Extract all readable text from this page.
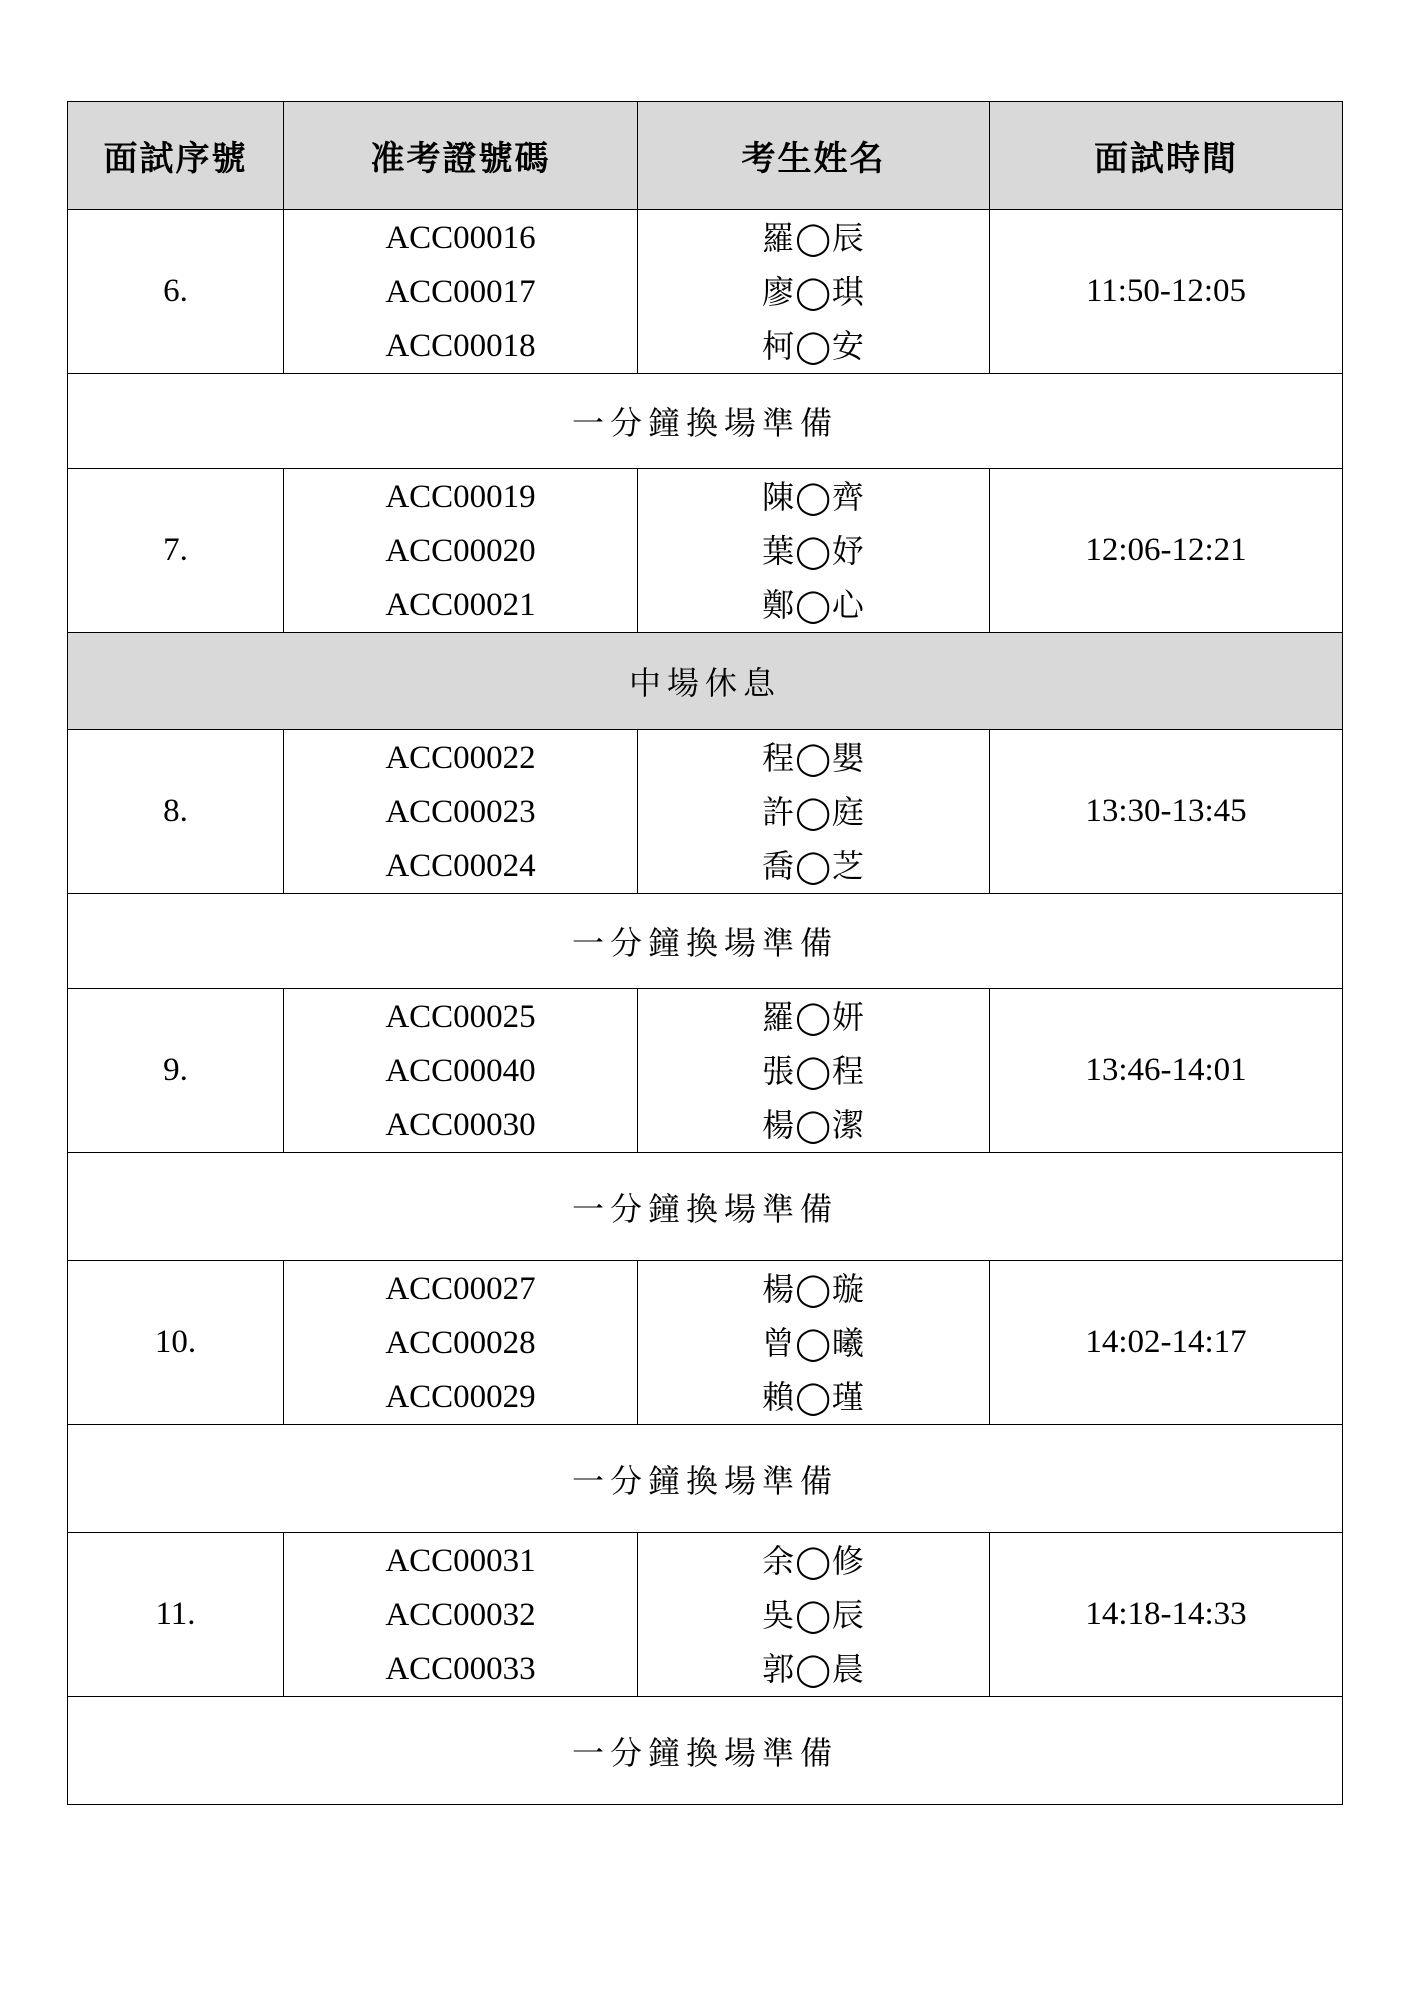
面試序號	准考證號碼	考生姓名	面試時間
6.	ACC00016
ACC00017
ACC00018	羅◯辰
廖◯琪
柯◯安	11:50-12:05
一分鐘換場準備			
7.	ACC00019
ACC00020
ACC00021	陳◯齊
葉◯妤
鄭◯心	12:06-12:21
中場休息			
8.	ACC00022
ACC00023
ACC00024	程◯嬰
許◯庭
喬◯芝	13:30-13:45
一分鐘換場準備			
9.	ACC00025
ACC00040
ACC00030	羅◯妍
張◯程
楊◯潔	13:46-14:01
一分鐘換場準備			
10.	ACC00027
ACC00028
ACC00029	楊◯璇
曾◯曦
賴◯瑾	14:02-14:17
一分鐘換場準備			
11.	ACC00031
ACC00032
ACC00033	余◯修
吳◯辰
郭◯晨	14:18-14:33
一分鐘換場準備			
